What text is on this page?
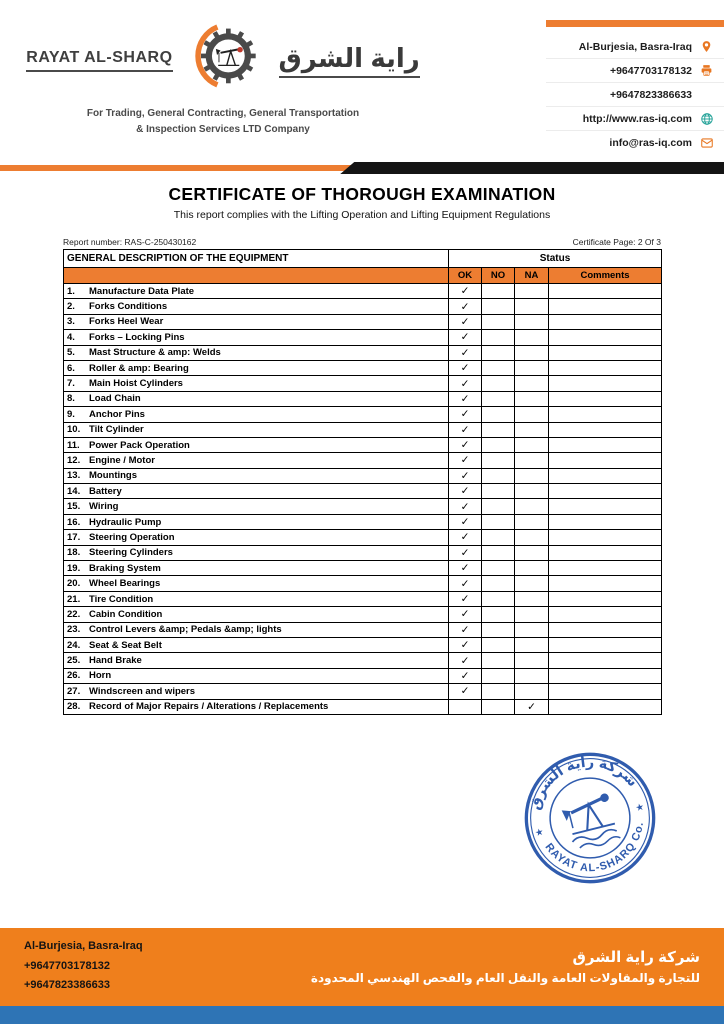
RAYAT AL-SHARQ	راية الشرق
For Trading, General Contracting, General Transportation
& Inspection Services LTD Company
Al-Burjesia, Basra-Iraq
+9647703178132
+9647823386633
http://www.ras-iq.com
info@ras-iq.com
CERTIFICATE OF THOROUGH EXAMINATION
This report complies with the Lifting Operation and Lifting Equipment Regulations
Report number: RAS-C-250430162	Certificate Page: 2 Of 3
GENERAL DESCRIPTION OF THE EQUIPMENT	Status			
	OK	NO	NA	Comments
1. Manufacture Data Plate	✓			
2. Forks Conditions	✓			
3. Forks Heel Wear	✓			
4. Forks – Locking Pins	✓			
5. Mast Structure & amp: Welds	✓			
6. Roller & amp: Bearing	✓			
7. Main Hoist Cylinders	✓			
8. Load Chain	✓			
9. Anchor Pins	✓			
10. Tilt Cylinder	✓			
11. Power Pack Operation	✓			
12. Engine / Motor	✓			
13. Mountings	✓			
14. Battery	✓			
15. Wiring	✓			
16. Hydraulic Pump	✓			
17. Steering Operation	✓			
18. Steering Cylinders	✓			
19. Braking System	✓			
20. Wheel Bearings	✓			
21. Tire Condition	✓			
22. Cabin Condition	✓			
23. Control Levers &amp; Pedals &amp; lights	✓			
24. Seat & Seat Belt	✓			
25. Hand Brake	✓			
26. Horn	✓			
27. Windscreen and wipers	✓			
28. Record of Major Repairs / Alterations / Replacements			✓	
شركة راية الشرق
RAYAT AL-SHARQ Co.
★
★
Al-Burjesia, Basra-Iraq
+9647703178132
+9647823386633
شركة راية الشرق
للتجارة والمقاولات العامة والنقل العام والفحص الهندسي المحدودة
